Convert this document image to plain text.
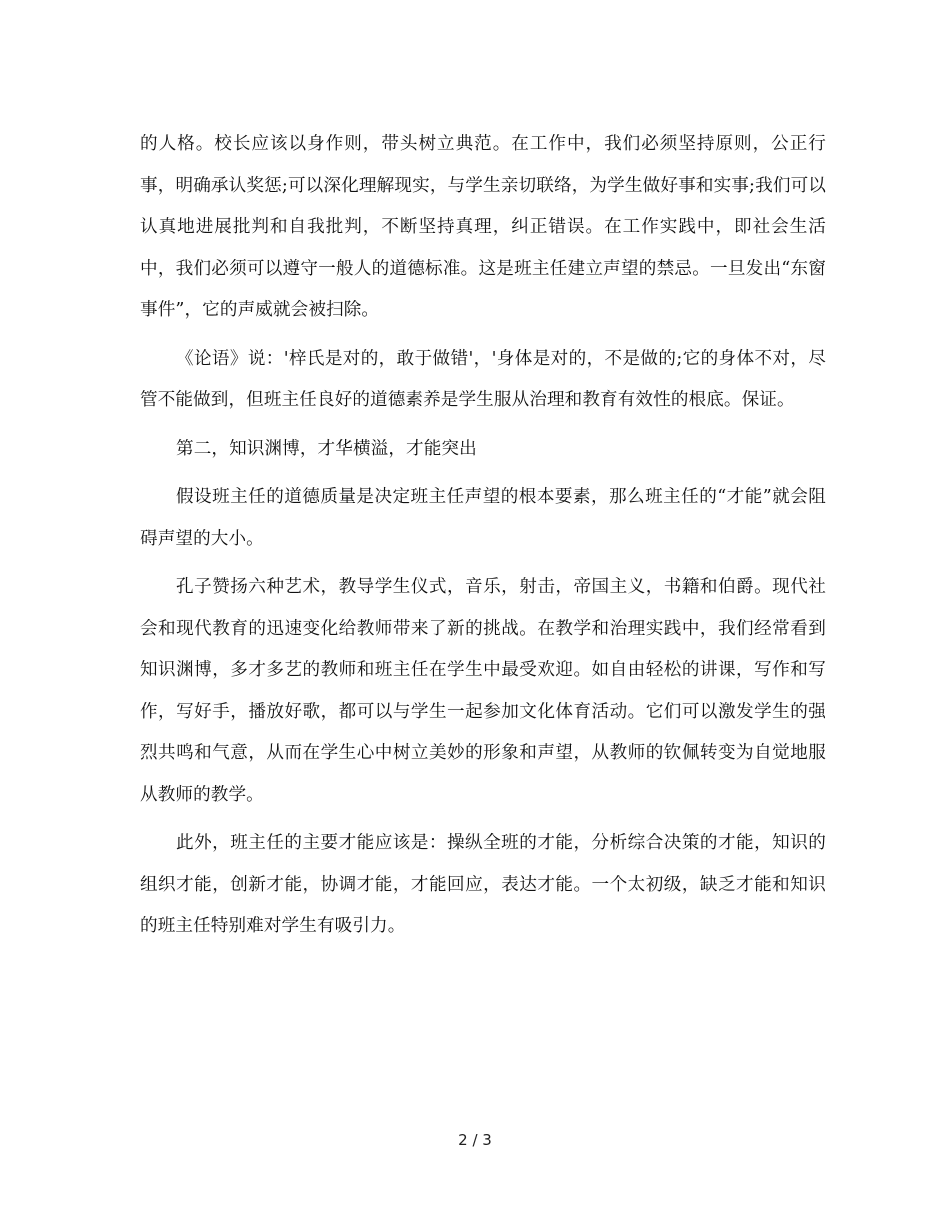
的人格。校长应该以身作则，带头树立典范。在工作中，我们必须坚持原则，公正行事，明确承认奖惩;可以深化理解现实，与学生亲切联络，为学生做好事和实事;我们可以认真地进展批判和自我批判，不断坚持真理，纠正错误。在工作实践中，即社会生活中，我们必须可以遵守一般人的道德标准。这是班主任建立声望的禁忌。一旦发出“东窗事件”，它的声威就会被扫除。

《论语》说：'梓氏是对的，敢于做错'，'身体是对的，不是做的;它的身体不对，尽管不能做到，但班主任良好的道德素养是学生服从治理和教育有效性的根底。保证。

第二，知识渊博，才华横溢，才能突出

假设班主任的道德质量是决定班主任声望的根本要素，那么班主任的“才能”就会阻碍声望的大小。

孔子赞扬六种艺术，教导学生仪式，音乐，射击，帝国主义，书籍和伯爵。现代社会和现代教育的迅速变化给教师带来了新的挑战。在教学和治理实践中，我们经常看到知识渊博，多才多艺的教师和班主任在学生中最受欢迎。如自由轻松的讲课，写作和写作，写好手，播放好歌，都可以与学生一起参加文化体育活动。它们可以激发学生的强烈共鸣和气意，从而在学生心中树立美妙的形象和声望，从教师的钦佩转变为自觉地服从教师的教学。

此外，班主任的主要才能应该是：操纵全班的才能，分析综合决策的才能，知识的组织才能，创新才能，协调才能，才能回应，表达才能。一个太初级，缺乏才能和知识的班主任特别难对学生有吸引力。

2 / 3
